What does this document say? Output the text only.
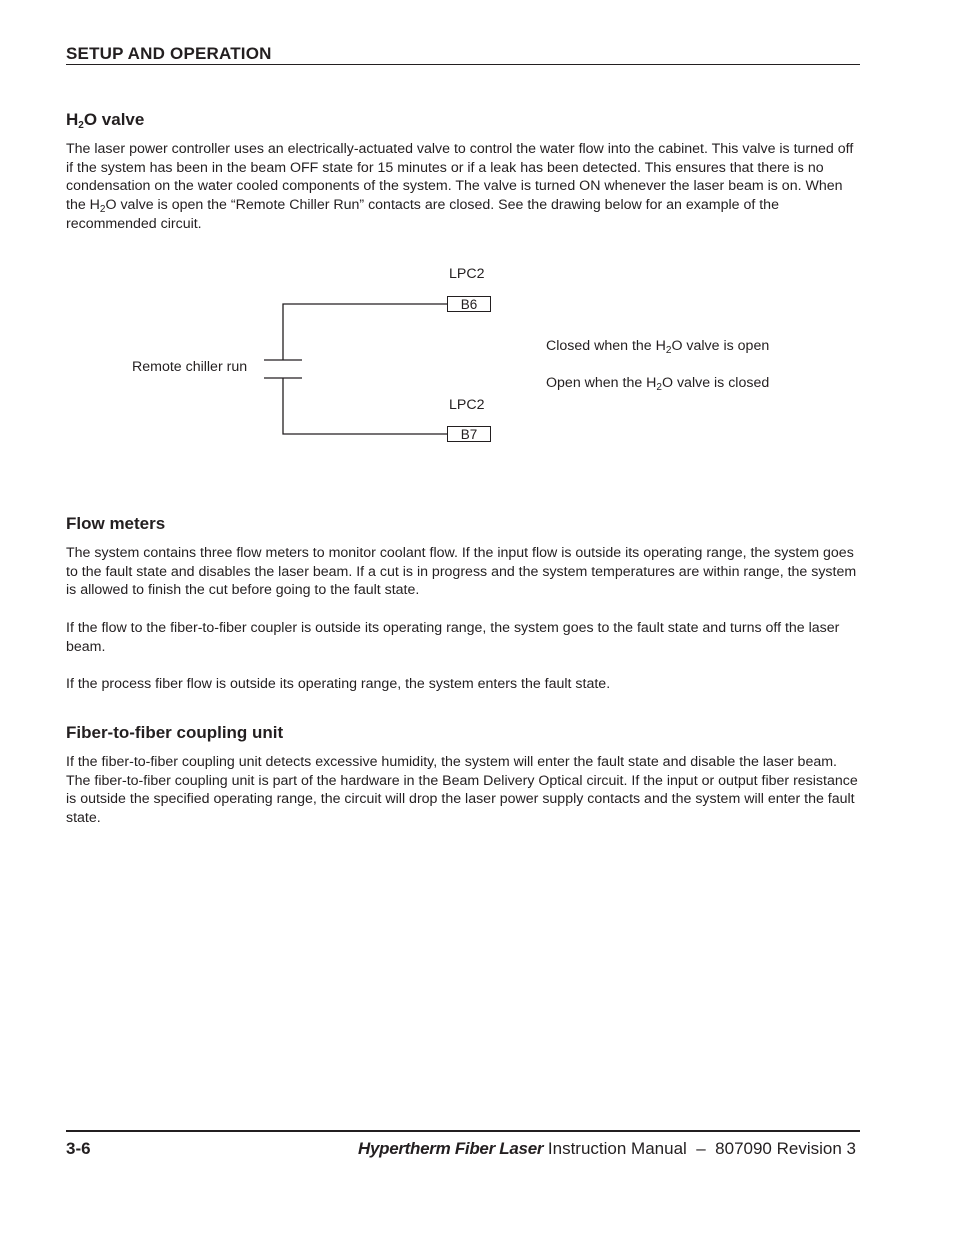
SETUP AND OPERATION
$H_2O$ valve

The laser power controller uses an electrically-actuated valve to control the water flow into the cabinet. This valve is turned off if the system has been in the beam OFF state for 15 minutes or if a leak has been detected. This ensures that there is no condensation on the water cooled components of the system. The valve is turned ON whenever the laser beam is on. When the $H_2O$ valve is open the “Remote Chiller Run” contacts are closed. See the drawing below for an example of the recommended circuit.

LPC2
B6
Remote chiller run
LPC2
B7
Closed when the $H_2O$ valve is open
Open when the $H_2O$ valve is closed
Flow meters

The system contains three flow meters to monitor coolant flow. If the input flow is outside its operating range, the system goes to the fault state and disables the laser beam. If a cut is in progress and the system temperatures are within range, the system is allowed to finish the cut before going to the fault state.

If the flow to the fiber-to-fiber coupler is outside its operating range, the system goes to the fault state and turns off the laser beam.

If the process fiber flow is outside its operating range, the system enters the fault state.

Fiber-to-fiber coupling unit

If the fiber-to-fiber coupling unit detects excessive humidity, the system will enter the fault state and disable the laser beam. The fiber-to-fiber coupling unit is part of the hardware in the Beam Delivery Optical circuit. If the input or output fiber resistance is outside the specified operating range, the circuit will drop the laser power supply contacts and the system will enter the fault state.

3-6	Hypertherm Fiber Laser Instruction Manual  –  807090 Revision 3
